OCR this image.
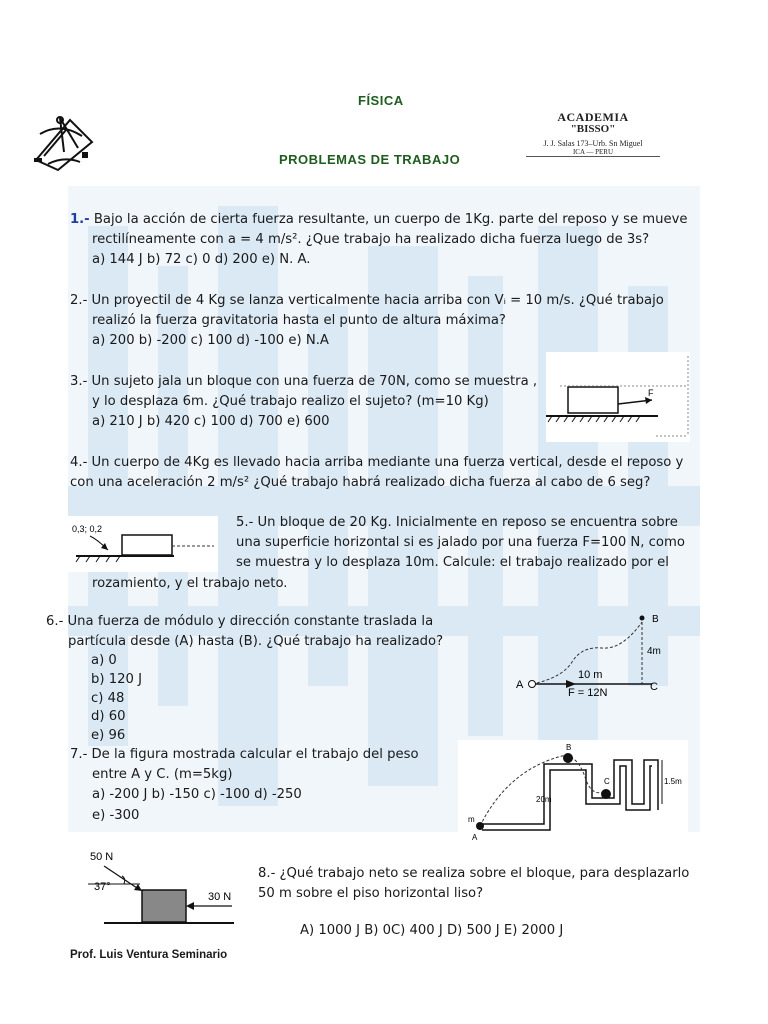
FÍSICA
PROBLEMAS DE TRABAJO
ACADEMIA
"BISSO"
J. J. Salas 173–Urb. Sn Miguel
ICA — PERU
1.- Bajo la acción de cierta fuerza resultante, un cuerpo de 1Kg. parte del reposo y se mueve
rectilíneamente con a = 4 m/s². ¿Que trabajo ha realizado dicha fuerza luego de 3s?
a) 144 J b) 72 c) 0 d) 200 e) N. A.
2.- Un proyectil de 4 Kg se lanza verticalmente hacia arriba con Vᵢ = 10 m/s. ¿Qué trabajo
realizó la fuerza gravitatoria hasta el punto de altura máxima?
a) 200 b) -200 c) 100 d) -100 e) N.A
3.- Un sujeto jala un bloque con una fuerza de 70N, como se muestra ,
y lo desplaza 6m. ¿Qué trabajo realizo el sujeto? (m=10 Kg)
a) 210 J b) 420 c) 100 d) 700 e) 600
F
4.- Un cuerpo de 4Kg es llevado hacia arriba mediante una fuerza vertical, desde el reposo y
con una aceleración 2 m/s² ¿Qué trabajo habrá realizado dicha fuerza al cabo de 6 seg?
0,3; 0,2	5.- Un bloque de 20 Kg. Inicialmente en reposo se encuentra sobre
una superficie horizontal si es jalado por una fuerza F=100 N, como
se muestra y lo desplaza 10m. Calcule: el trabajo realizado por el
rozamiento, y el trabajo neto.
6.- Una fuerza de módulo y dirección constante traslada la
partícula desde (A) hasta (B). ¿Qué trabajo ha realizado?
a) 0
b) 120 J
c) 48
d) 60
e) 96
A
B
C
10 m
F = 12N
4m
7.- De la figura mostrada calcular el trabajo del peso
entre A y C. (m=5kg)
a) -200 J b) -150 c) -100 d) -250
e) -300	m
A
B
C
20m
1.5m
50 N
37°
30 N
8.- ¿Qué trabajo neto se realiza sobre el bloque, para desplazarlo
50 m sobre el piso horizontal liso?
A) 1000 J B) 0C) 400 J D) 500 J E) 2000 J
Prof. Luis Ventura Seminario
